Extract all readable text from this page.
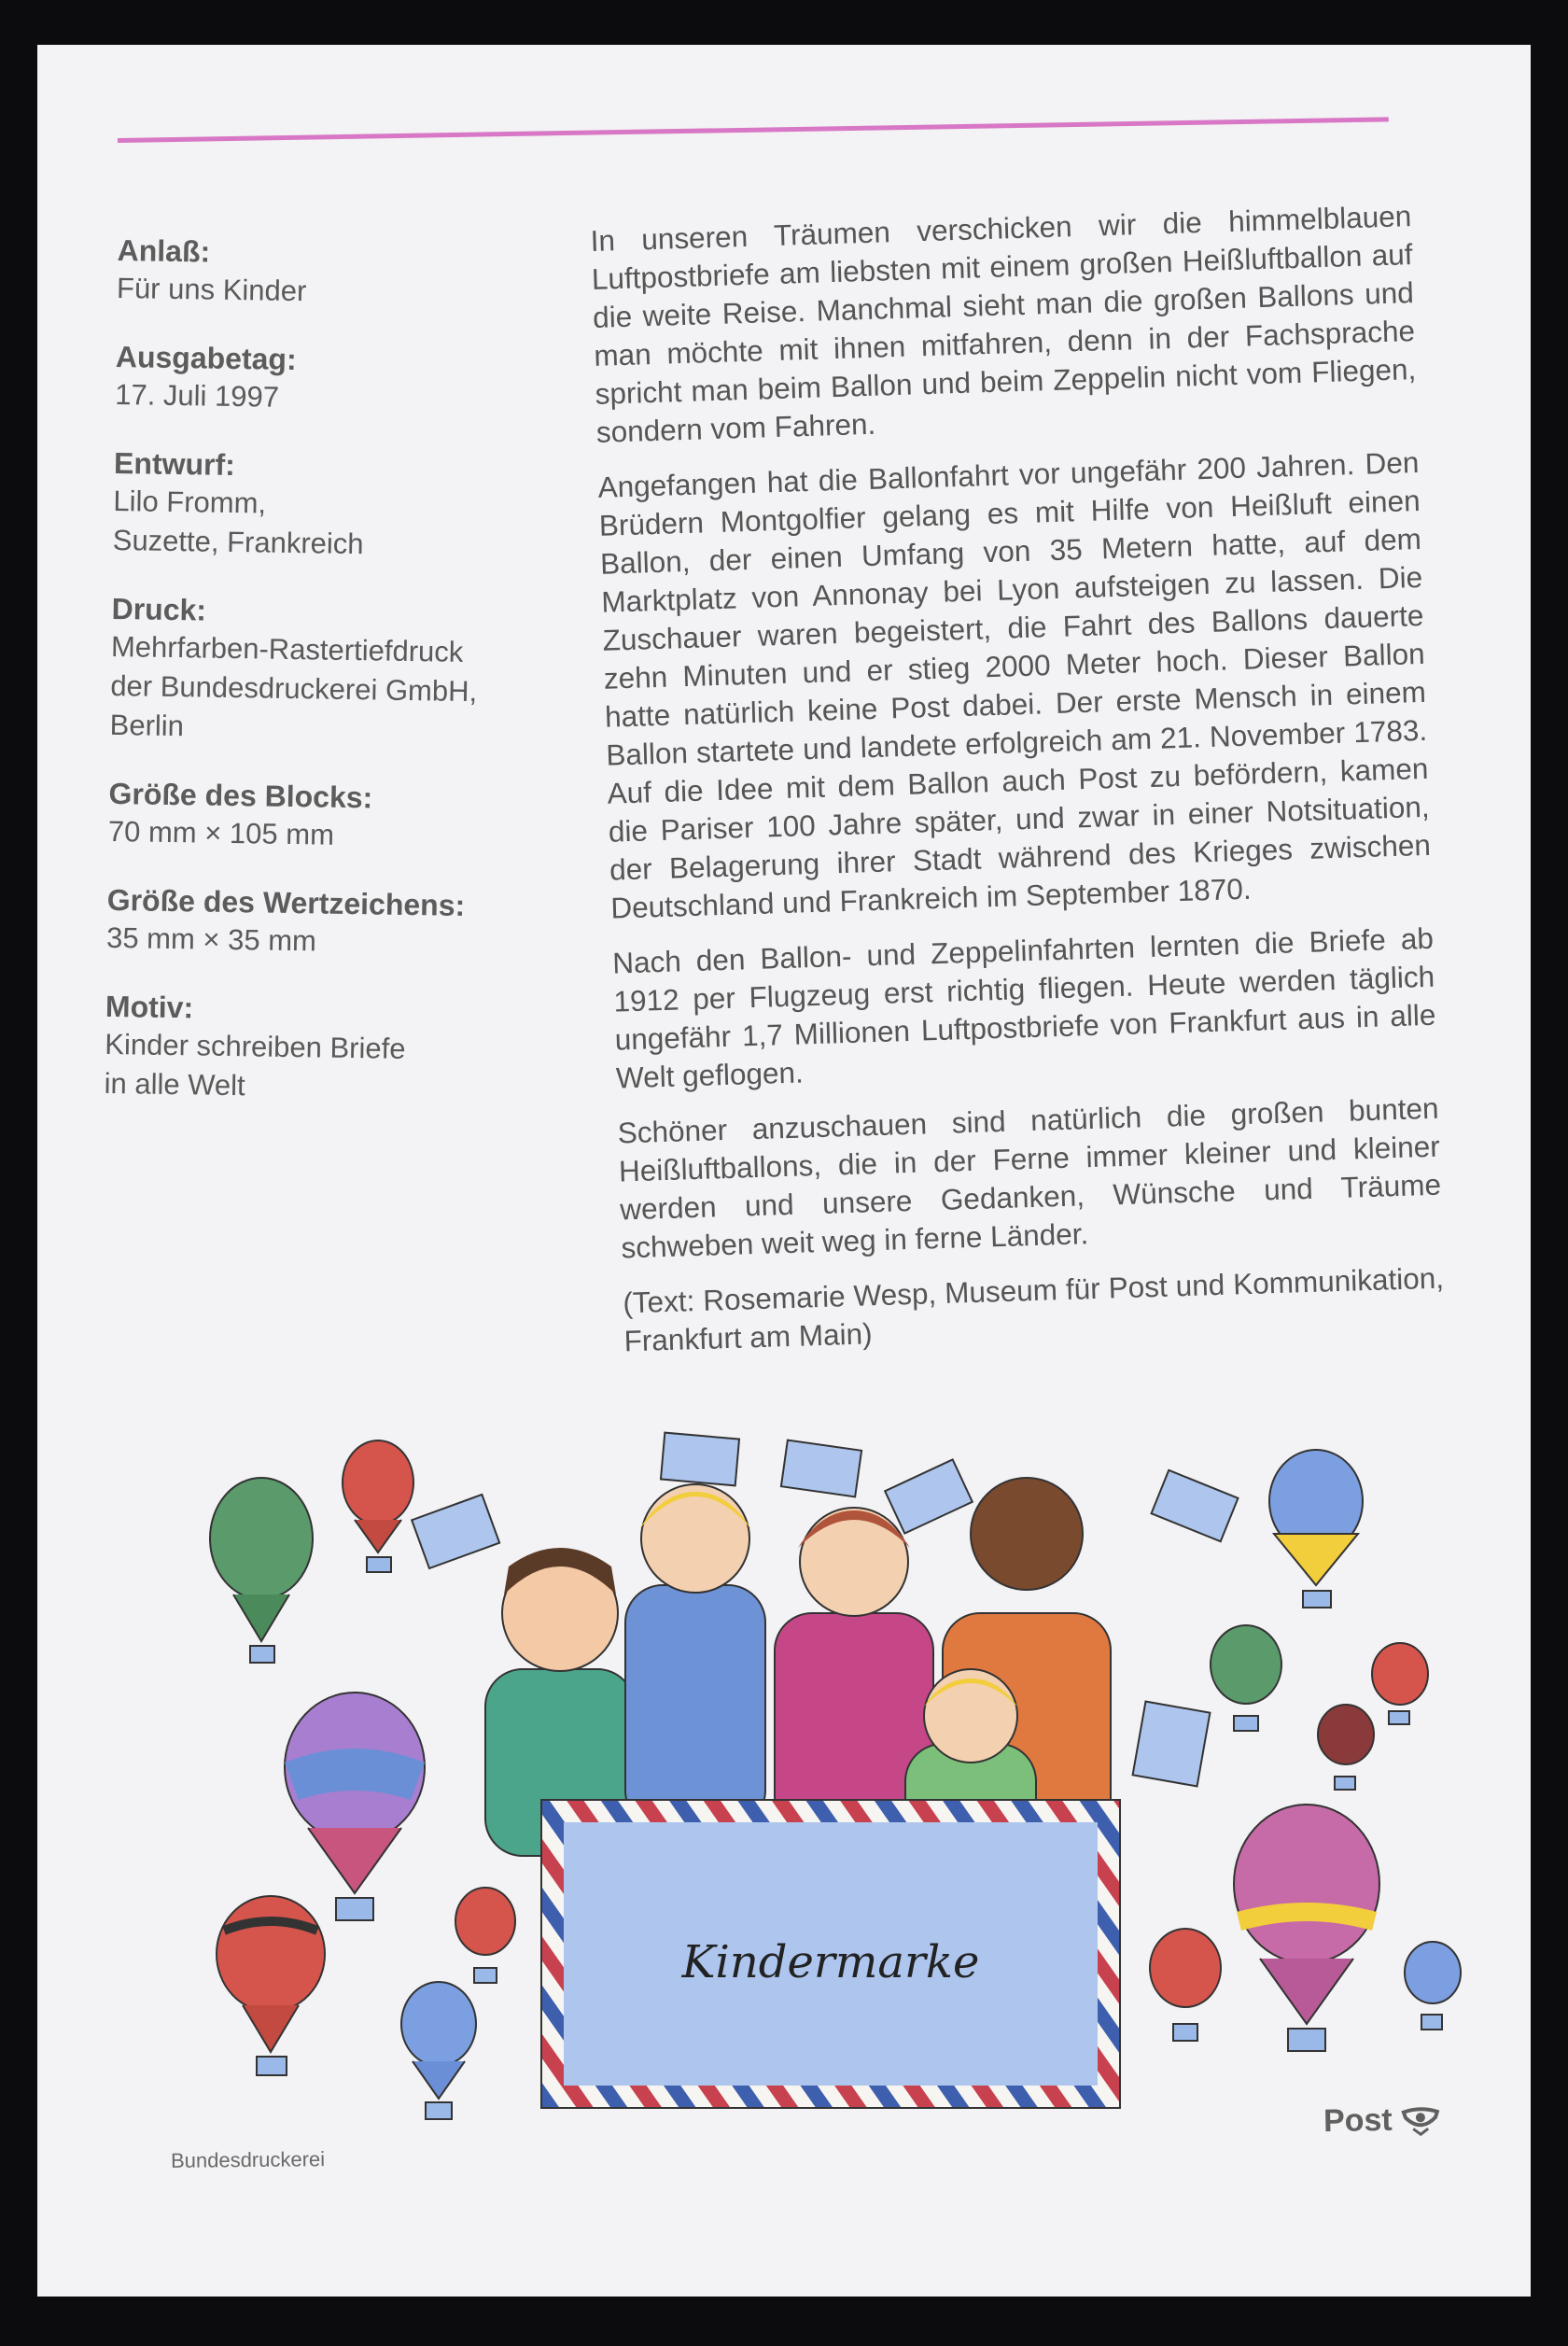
Anlaß:
Für uns Kinder
Ausgabetag:
17. Juli 1997
Entwurf:
Lilo Fromm,
Suzette, Frankreich
Druck:
Mehrfarben-Rastertiefdruck
der Bundesdruckerei GmbH,
Berlin
Größe des Blocks:
70 mm × 105 mm
Größe des Wertzeichens:
35 mm × 35 mm
Motiv:
Kinder schreiben Briefe
in alle Welt

In unseren Träumen verschicken wir die himmelblauen Luftpostbriefe am liebsten mit einem großen Heißluftballon auf die weite Reise. Manchmal sieht man die großen Ballons und man möchte mit ihnen mitfahren, denn in der Fachsprache spricht man beim Ballon und beim Zeppelin nicht vom Fliegen, sondern vom Fahren.

Angefangen hat die Ballonfahrt vor ungefähr 200 Jahren. Den Brüdern Montgolfier gelang es mit Hilfe von Heißluft einen Ballon, der einen Umfang von 35 Metern hatte, auf dem Marktplatz von Annonay bei Lyon aufsteigen zu lassen. Die Zuschauer waren begeistert, die Fahrt des Ballons dauerte zehn Minuten und er stieg 2000 Meter hoch. Dieser Ballon hatte natürlich keine Post dabei. Der erste Mensch in einem Ballon startete und landete erfolgreich am 21. November 1783. Auf die Idee mit dem Ballon auch Post zu befördern, kamen die Pariser 100 Jahre später, und zwar in einer Notsituation, der Belagerung ihrer Stadt während des Krieges zwischen Deutschland und Frankreich im September 1870.

Nach den Ballon- und Zeppelinfahrten lernten die Briefe ab 1912 per Flugzeug erst richtig fliegen. Heute werden täglich ungefähr 1,7 Millionen Luftpostbriefe von Frankfurt aus in alle Welt geflogen.

Schöner anzuschauen sind natürlich die großen bunten Heißluftballons, die in der Ferne immer kleiner und kleiner werden und unsere Gedanken, Wünsche und Träume schweben weit weg in ferne Länder.

(Text: Rosemarie Wesp, Museum für Post und Kommunikation, Frankfurt am Main)

Kindermarke
Bundesdruckerei
Post
